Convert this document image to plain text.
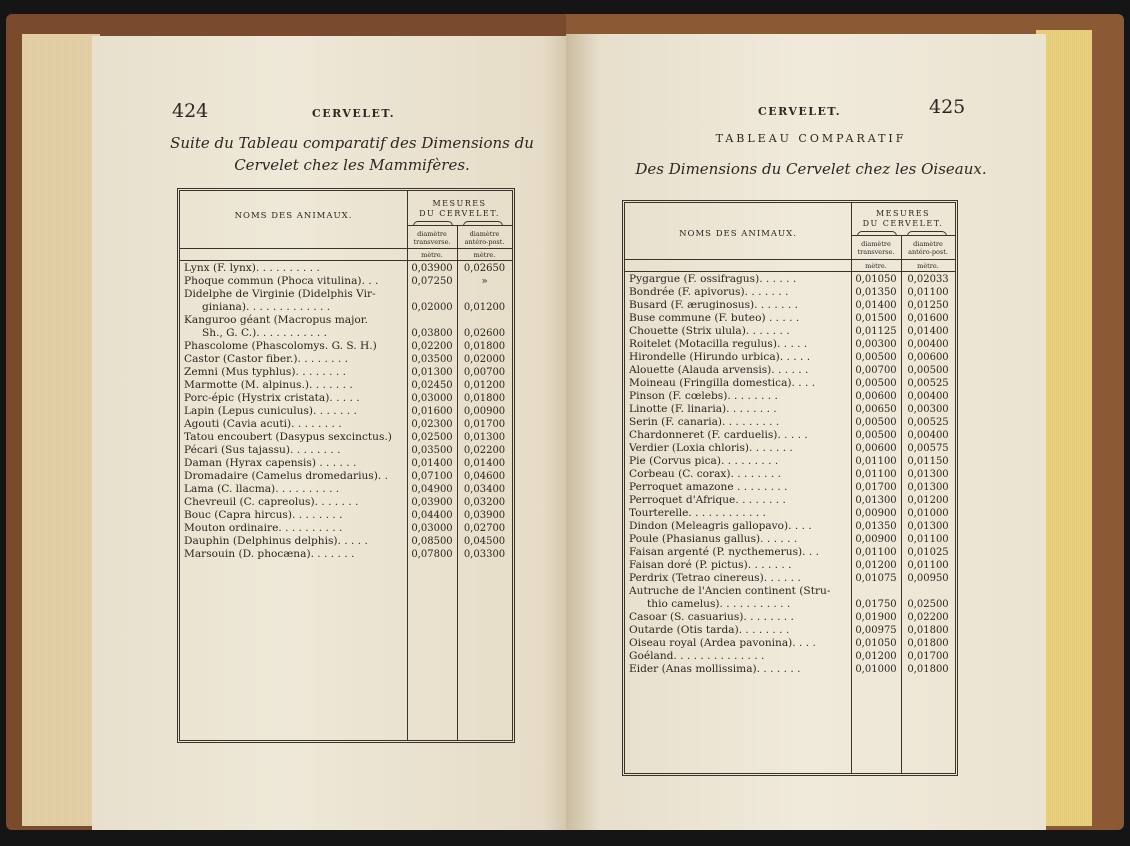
424	CERVELET.
Suite du Tableau comparatif des Dimensions du
Cervelet chez les Mammifères.
NOMS DES ANIMAUX.
MESURES
DU CERVELET.
diamètre
transverse.
diamètre
antéro-post.
mètre.	mètre.
Lynx (F. lynx). . . . . . . . . .	0,03900	0,02650
Phoque commun (Phoca vitulina). . .	0,07250	»
Didelphe de Virginie (Didelphis Vir-
giniana). . . . . . . . . . . . .	0,02000	0,01200
Kanguroo géant (Macropus major.
Sh., G. C.). . . . . . . . . . .	0,03800	0,02600
Phascolome (Phascolomys. G. S. H.)	0,02200	0,01800
Castor (Castor fiber.). . . . . . . .	0,03500	0,02000
Zemni (Mus typhlus). . . . . . . .	0,01300	0,00700
Marmotte (M. alpinus.). . . . . . .	0,02450	0,01200
Porc-épic (Hystrix cristata). . . . .	0,03000	0,01800
Lapin (Lepus cuniculus). . . . . . .	0,01600	0,00900
Agouti (Cavia acuti). . . . . . . .	0,02300	0,01700
Tatou encoubert (Dasypus sexcinctus.)	0,02500	0,01300
Pécari (Sus tajassu). . . . . . . .	0,03500	0,02200
Daman (Hyrax capensis) . . . . . .	0,01400	0,01400
Dromadaire (Camelus dromedarius). .	0,07100	0,04600
Lama (C. llacma). . . . . . . . . .	0,04900	0,03400
Chevreuil (C. capreolus). . . . . . .	0,03900	0,03200
Bouc (Capra hircus). . . . . . . .	0,04400	0,03900
Mouton ordinaire. . . . . . . . . .	0,03000	0,02700
Dauphin (Delphinus delphis). . . . .	0,08500	0,04500
Marsouin (D. phocæna). . . . . . .	0,07800	0,03300
CERVELET.	425
TABLEAU COMPARATIF
Des Dimensions du Cervelet chez les Oiseaux.
NOMS DES ANIMAUX.
MESURES
DU CERVELET.
diamètre
transverse.
diamètre
antéro-post.
mètre.	mètre.
Pygargue (F. ossifragus). . . . . .	0,01050	0,02033
Bondrée (F. apivorus). . . . . . .	0,01350	0,01100
Busard (F. æruginosus). . . . . . .	0,01400	0,01250
Buse commune (F. buteo) . . . . .	0,01500	0,01600
Chouette (Strix ulula). . . . . . .	0,01125	0,01400
Roitelet (Motacilla regulus). . . . .	0,00300	0,00400
Hirondelle (Hirundo urbica). . . . .	0,00500	0,00600
Alouette (Alauda arvensis). . . . . .	0,00700	0,00500
Moineau (Fringilla domestica). . . .	0,00500	0,00525
Pinson (F. cœlebs). . . . . . . .	0,00600	0,00400
Linotte (F. linaria). . . . . . . .	0,00650	0,00300
Serin (F. canaria). . . . . . . . .	0,00500	0,00525
Chardonneret (F. carduelis). . . . .	0,00500	0,00400
Verdier (Loxia chloris). . . . . . .	0,00600	0,00575
Pie (Corvus pica). . . . . . . . .	0,01100	0,01150
Corbeau (C. corax). . . . . . . .	0,01100	0,01300
Perroquet amazone . . . . . . . .	0,01700	0,01300
Perroquet d'Afrique. . . . . . . .	0,01300	0,01200
Tourterelle. . . . . . . . . . . .	0,00900	0,01000
Dindon (Meleagris gallopavo). . . .	0,01350	0,01300
Poule (Phasianus gallus). . . . . .	0,00900	0,01100
Faisan argenté (P. nycthemerus). . .	0,01100	0,01025
Faisan doré (P. pictus). . . . . . .	0,01200	0,01100
Perdrix (Tetrao cinereus). . . . . .	0,01075	0,00950
Autruche de l'Ancien continent (Stru-
thio camelus). . . . . . . . . . .	0,01750	0,02500
Casoar (S. casuarius). . . . . . . .	0,01900	0,02200
Outarde (Otis tarda). . . . . . . .	0,00975	0,01800
Oiseau royal (Ardea pavonina). . . .	0,01050	0,01800
Goéland. . . . . . . . . . . . . .	0,01200	0,01700
Eider (Anas mollissima). . . . . . .	0,01000	0,01800
